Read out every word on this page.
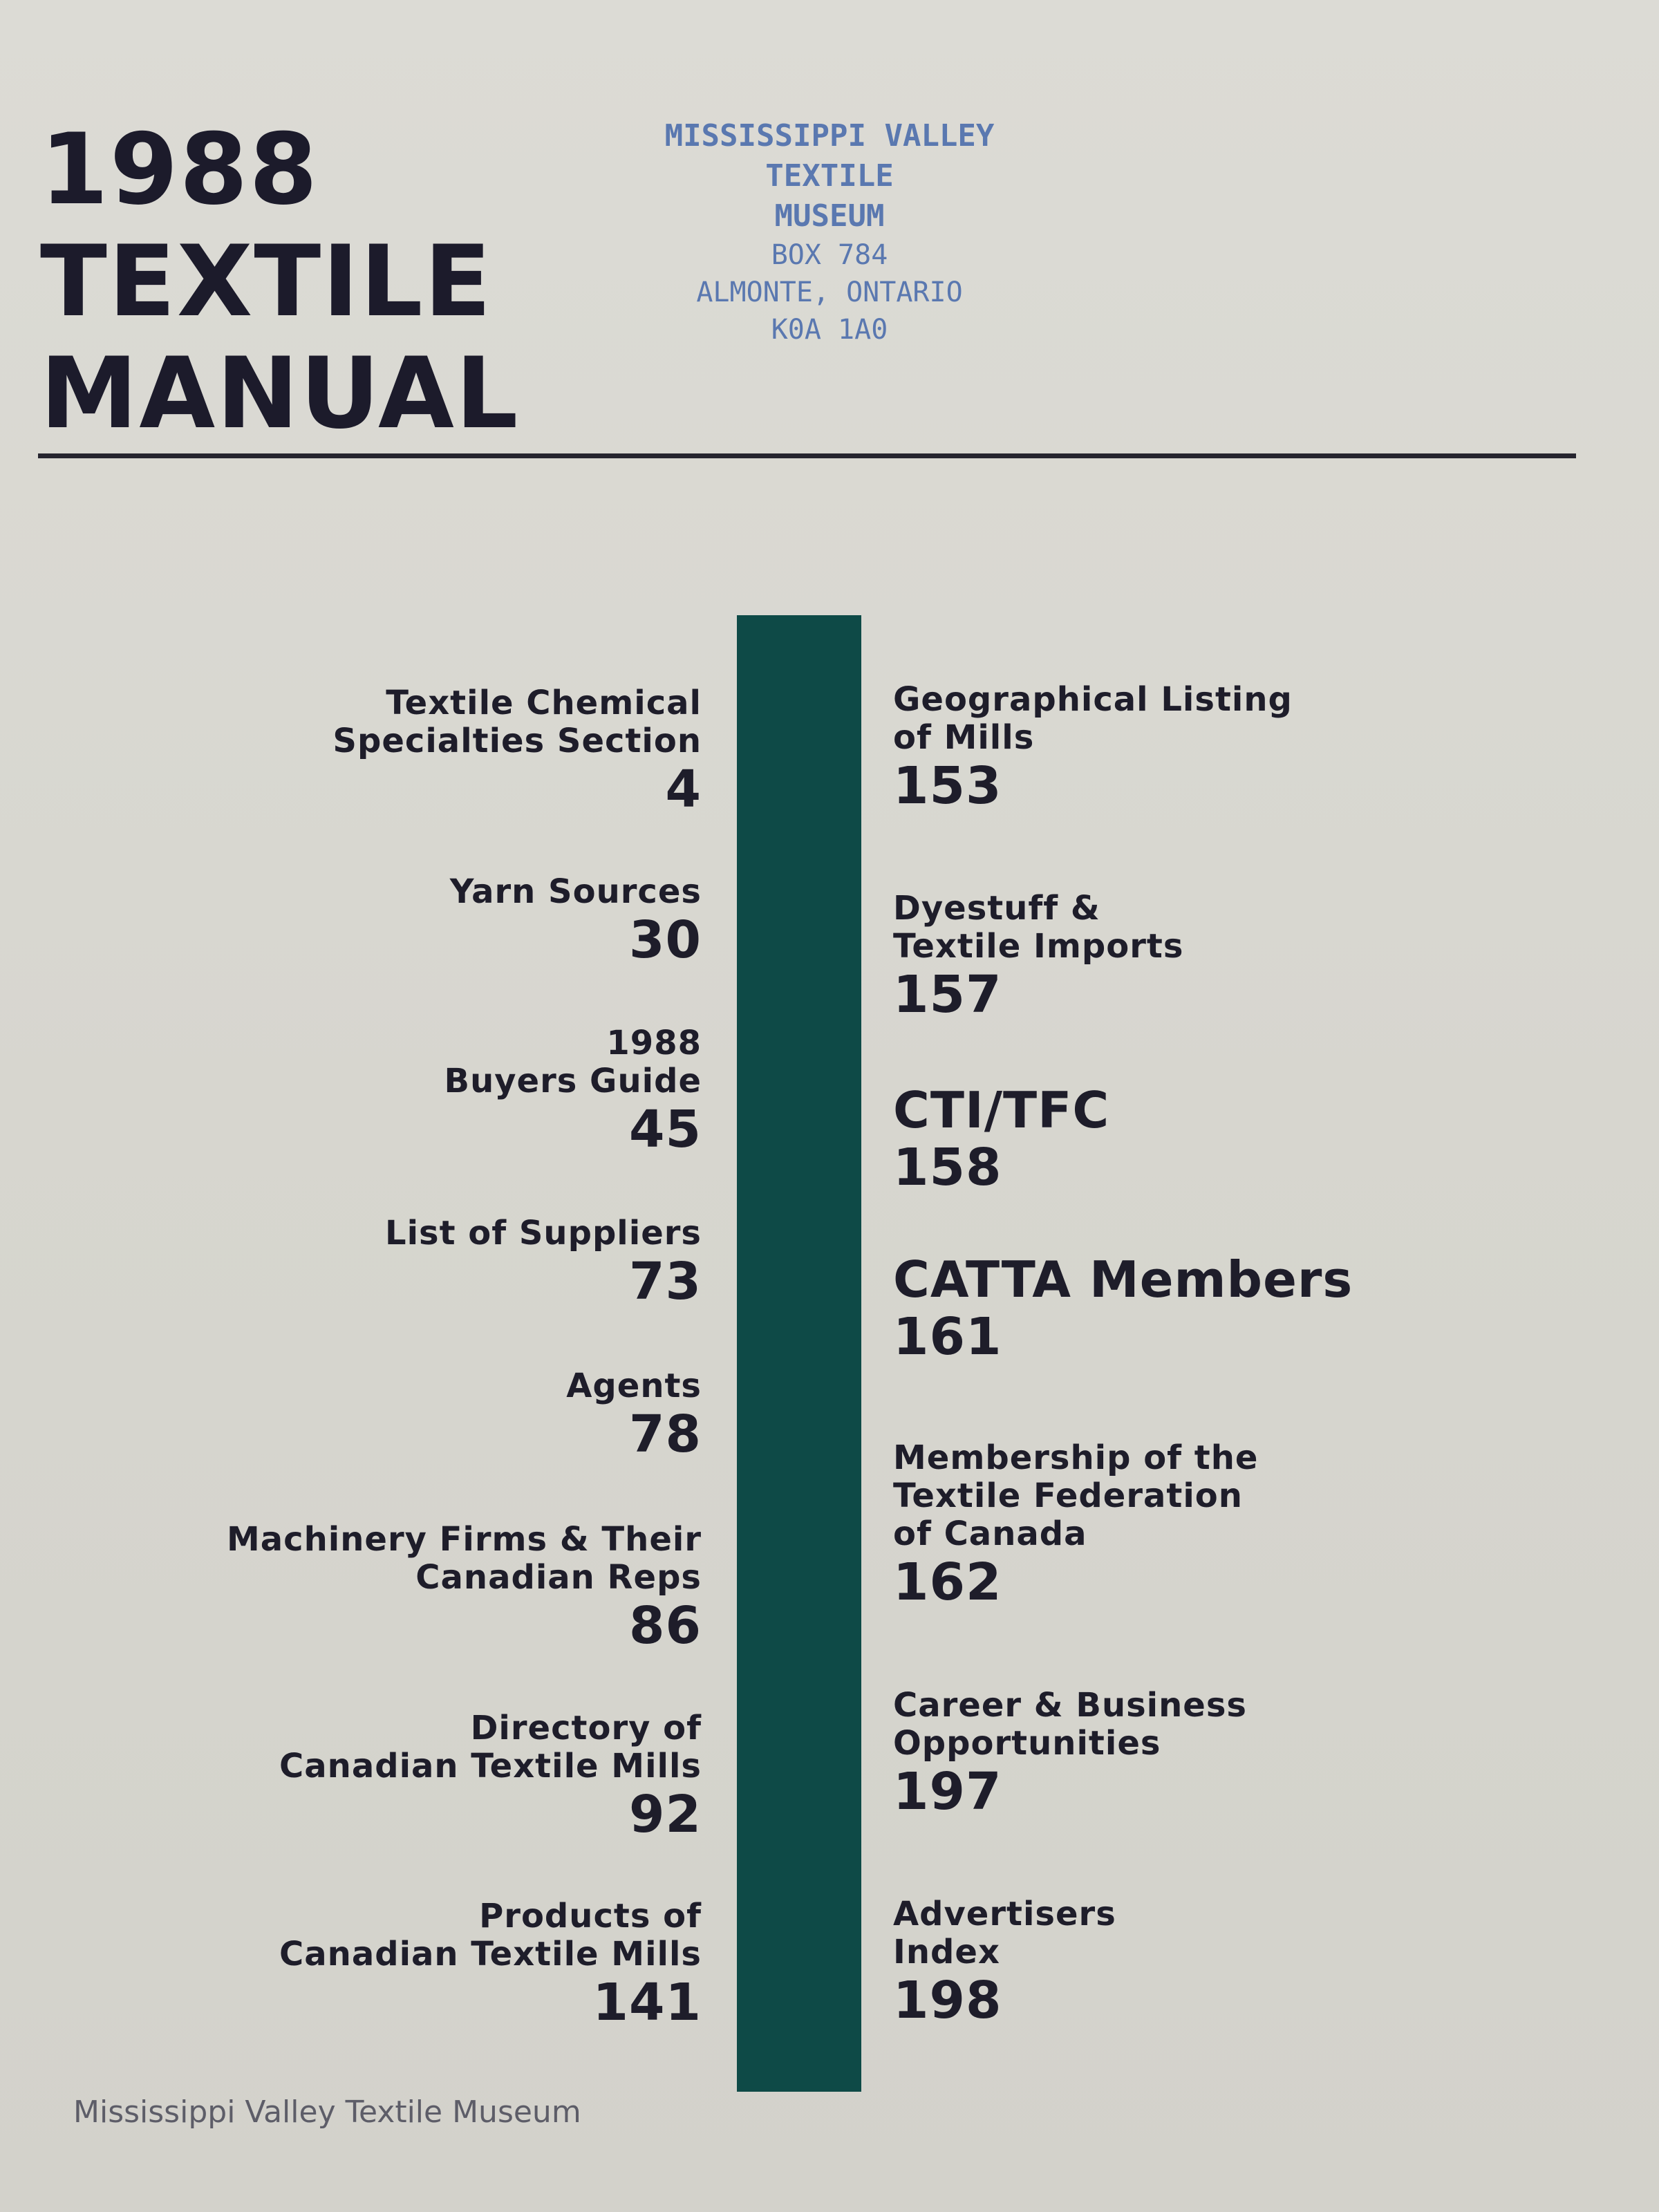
1988
TEXTILE
MANUAL
MISSISSIPPI VALLEY TEXTILE
MUSEUM
BOX 784
ALMONTE, ONTARIO
K0A 1A0
Textile Chemical
Specialties Section
4
Yarn Sources
30
1988
Buyers Guide
45
List of Suppliers
73
Agents
78
Machinery Firms & Their
Canadian Reps
86
Directory of
Canadian Textile Mills
92
Products of
Canadian Textile Mills
141
Geographical Listing
of Mills
153
Dyestuff &
Textile Imports
157
CTI/TFC
158
CATTA Members
161
Membership of the
Textile Federation
of Canada
162
Career & Business
Opportunities
197
Advertisers
Index
198
Mississippi Valley Textile Museum
